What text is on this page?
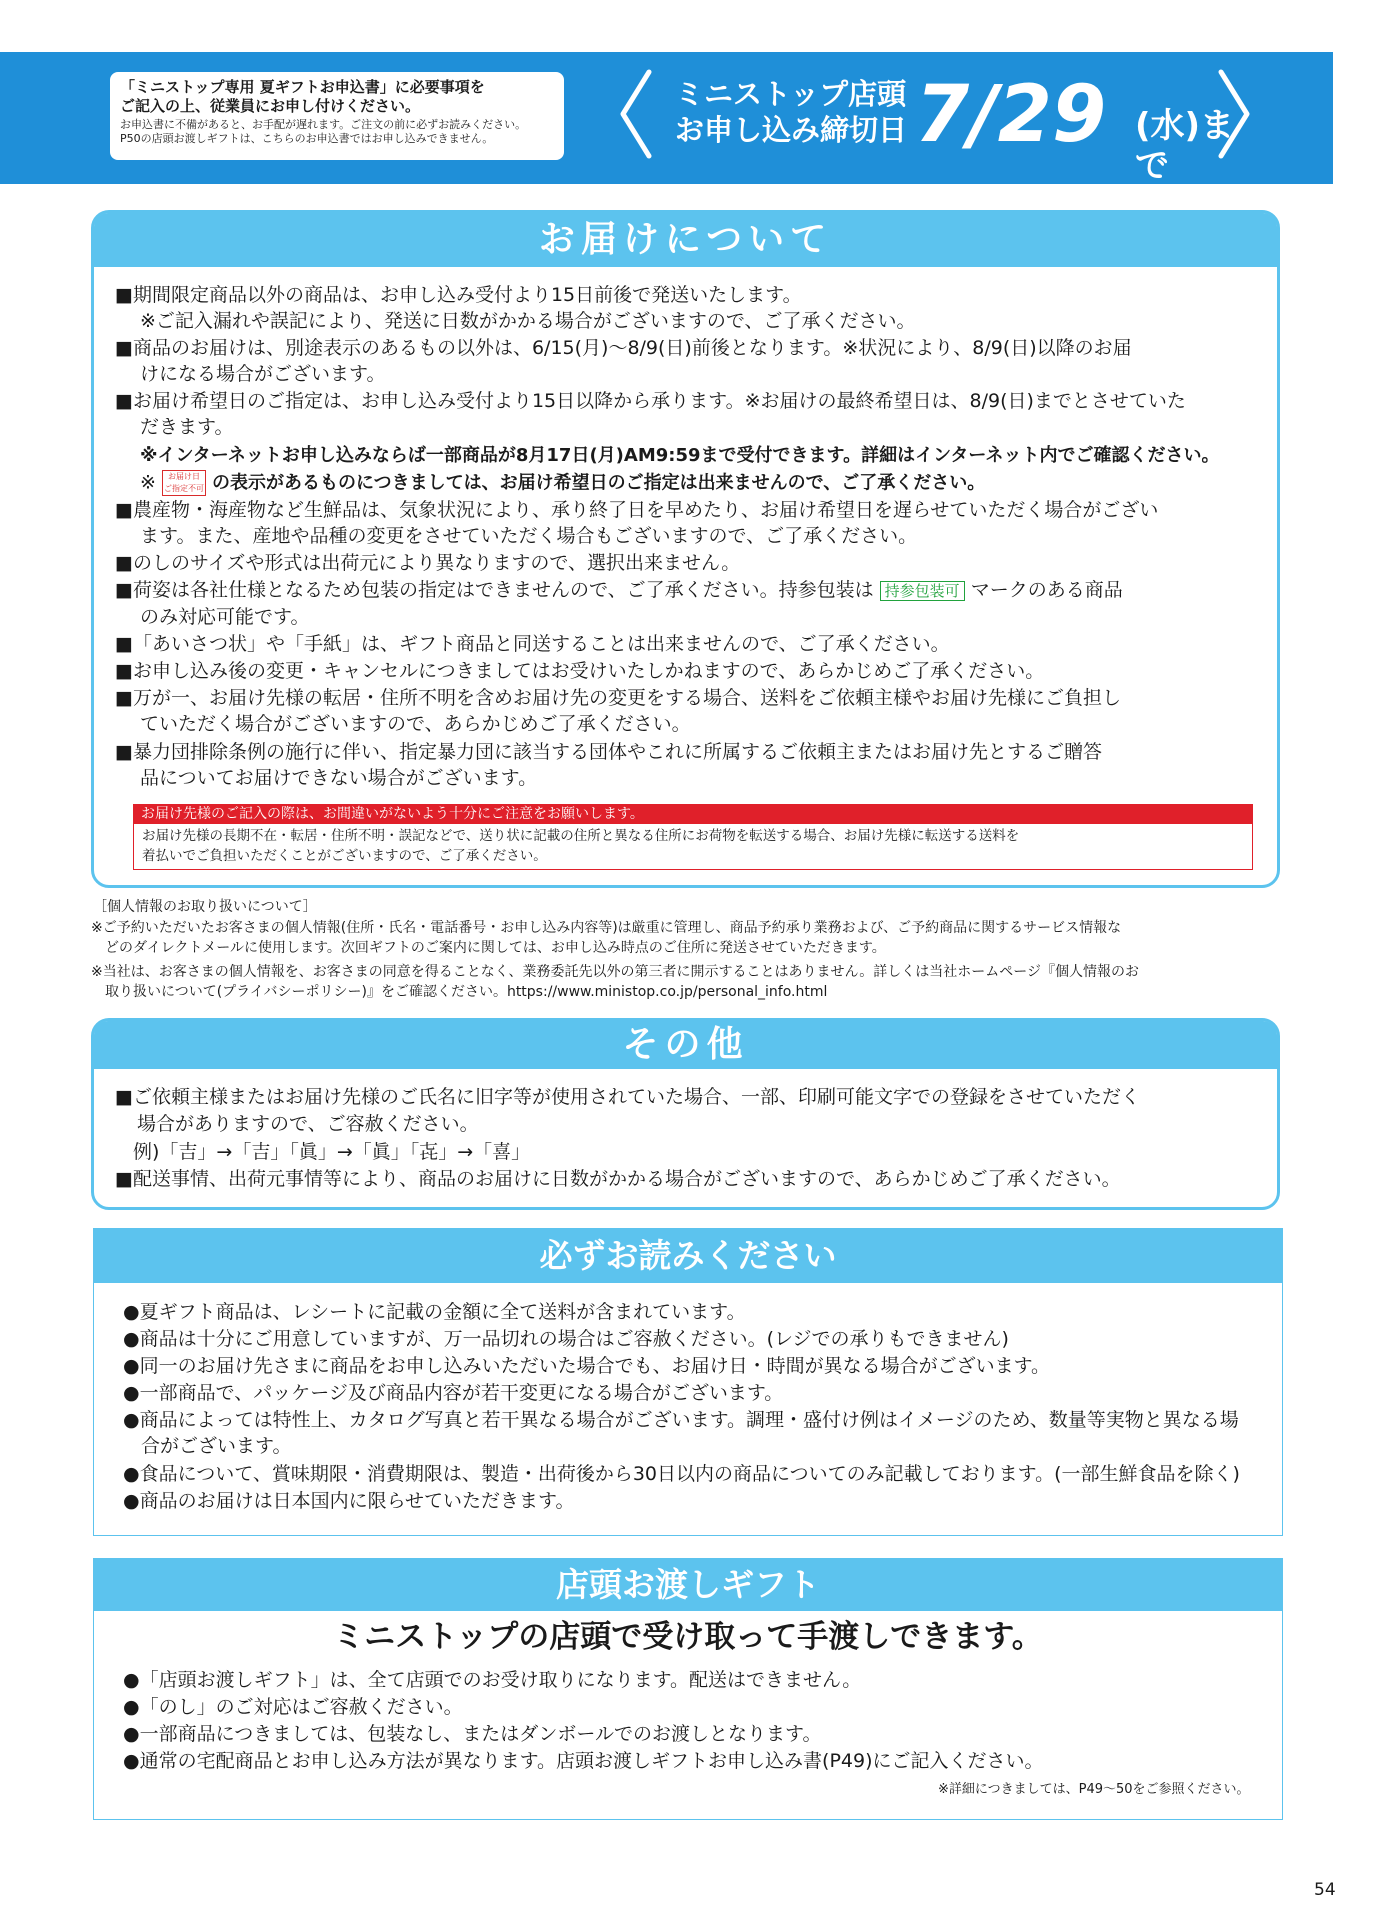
「ミニストップ専用 夏ギフトお申込書」に必要事項を
ご記入の上、従業員にお申し付けください。
お申込書に不備があると、お手配が遅れます。ご注文の前に必ずお読みください。
P50の店頭お渡しギフトは、こちらのお申込書ではお申し込みできません。
ミニストップ店頭
お申し込み締切日 7/29 (水)まで
お届けについて
■期間限定商品以外の商品は、お申し込み受付より15日前後で発送いたします。
※ご記入漏れや誤記により、発送に日数がかかる場合がございますので、ご了承ください。
■商品のお届けは、別途表示のあるもの以外は、6/15(月)〜8/9(日)前後となります。※状況により、8/9(日)以降のお届
けになる場合がございます。
■お届け希望日のご指定は、お申し込み受付より15日以降から承ります。※お届けの最終希望日は、8/9(日)までとさせていた
だきます。
※インターネットお申し込みならば一部商品が8月17日(月)AM9:59まで受付できます。詳細はインターネット内でご確認ください。
※ お届け日
ご指定不可 の表示があるものにつきましては、お届け希望日のご指定は出来ませんので、ご了承ください。
■農産物・海産物など生鮮品は、気象状況により、承り終了日を早めたり、お届け希望日を遅らせていただく場合がござい
ます。また、産地や品種の変更をさせていただく場合もございますので、ご了承ください。
■のしのサイズや形式は出荷元により異なりますので、選択出来ません。
■荷姿は各社仕様となるため包装の指定はできませんので、ご了承ください。持参包装は 持参包装可 マークのある商品
のみ対応可能です。
■「あいさつ状」や「手紙」は、ギフト商品と同送することは出来ませんので、ご了承ください。
■お申し込み後の変更・キャンセルにつきましてはお受けいたしかねますので、あらかじめご了承ください。
■万が一、お届け先様の転居・住所不明を含めお届け先の変更をする場合、送料をご依頼主様やお届け先様にご負担し
ていただく場合がございますので、あらかじめご了承ください。
■暴力団排除条例の施行に伴い、指定暴力団に該当する団体やこれに所属するご依頼主またはお届け先とするご贈答
品についてお届けできない場合がございます。
お届け先様のご記入の際は、お間違いがないよう十分にご注意をお願いします。
お届け先様の長期不在・転居・住所不明・誤記などで、送り状に記載の住所と異なる住所にお荷物を転送する場合、お届け先様に転送する送料を
着払いでご負担いただくことがございますので、ご了承ください。
［個人情報のお取り扱いについて］
※ご予約いただいたお客さまの個人情報(住所・氏名・電話番号・お申し込み内容等)は厳重に管理し、商品予約承り業務および、ご予約商品に関するサービス情報な
どのダイレクトメールに使用します。次回ギフトのご案内に関しては、お申し込み時点のご住所に発送させていただきます。
※当社は、お客さまの個人情報を、お客さまの同意を得ることなく、業務委託先以外の第三者に開示することはありません。詳しくは当社ホームページ『個人情報のお
取り扱いについて(プライバシーポリシー)』をご確認ください。https://www.ministop.co.jp/personal_info.html
その他
■ご依頼主様またはお届け先様のご氏名に旧字等が使用されていた場合、一部、印刷可能文字での登録をさせていただく
場合がありますので、ご容赦ください。
例)「吉」→「吉」「眞」→「眞」「㐂」→「喜」
■配送事情、出荷元事情等により、商品のお届けに日数がかかる場合がございますので、あらかじめご了承ください。
必ずお読みください
●夏ギフト商品は、レシートに記載の金額に全て送料が含まれています。
●商品は十分にご用意していますが、万一品切れの場合はご容赦ください。(レジでの承りもできません)
●同一のお届け先さまに商品をお申し込みいただいた場合でも、お届け日・時間が異なる場合がございます。
●一部商品で、パッケージ及び商品内容が若干変更になる場合がございます。
●商品によっては特性上、カタログ写真と若干異なる場合がございます。調理・盛付け例はイメージのため、数量等実物と異なる場
合がございます。
●食品について、賞味期限・消費期限は、製造・出荷後から30日以内の商品についてのみ記載しております。(一部生鮮食品を除く)
●商品のお届けは日本国内に限らせていただきます。
店頭お渡しギフト
ミニストップの店頭で受け取って手渡しできます。
●「店頭お渡しギフト」は、全て店頭でのお受け取りになります。配送はできません。
●「のし」のご対応はご容赦ください。
●一部商品につきましては、包装なし、またはダンボールでのお渡しとなります。
●通常の宅配商品とお申し込み方法が異なります。店頭お渡しギフトお申し込み書(P49)にご記入ください。
※詳細につきましては、P49〜50をご参照ください。
54
